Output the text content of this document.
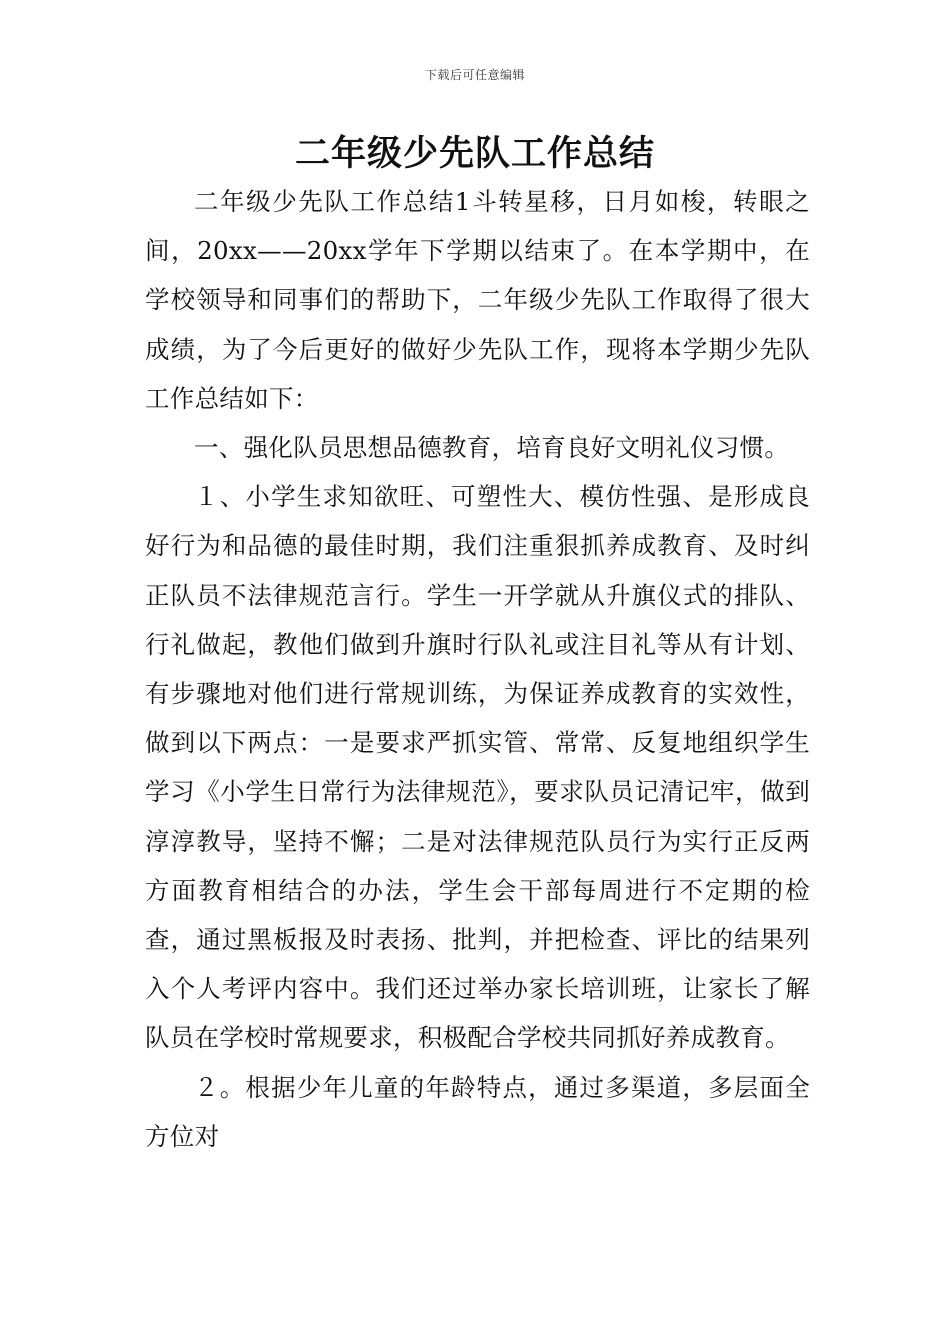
下载后可任意编辑
二年级少先队工作总结

二年级少先队工作总结1斗转星移，日月如梭，转眼之间，20xx——20xx学年下学期以结束了。在本学期中，在学校领导和同事们的帮助下，二年级少先队工作取得了很大成绩，为了今后更好的做好少先队工作，现将本学期少先队工作总结如下：

一、强化队员思想品德教育，培育良好文明礼仪习惯。

１、小学生求知欲旺、可塑性大、模仿性强、是形成良好行为和品德的最佳时期，我们注重狠抓养成教育、及时纠正队员不法律规范言行。学生一开学就从升旗仪式的排队、行礼做起，教他们做到升旗时行队礼或注目礼等从有计划、有步骤地对他们进行常规训练，为保证养成教育的实效性，做到以下两点：一是要求严抓实管、常常、反复地组织学生学习《小学生日常行为法律规范》，要求队员记清记牢，做到淳淳教导，坚持不懈；二是对法律规范队员行为实行正反两方面教育相结合的办法，学生会干部每周进行不定期的检查，通过黑板报及时表扬、批判，并把检查、评比的结果列入个人考评内容中。我们还过举办家长培训班，让家长了解队员在学校时常规要求，积极配合学校共同抓好养成教育。

２。根据少年儿童的年龄特点，通过多渠道，多层面全方位对
